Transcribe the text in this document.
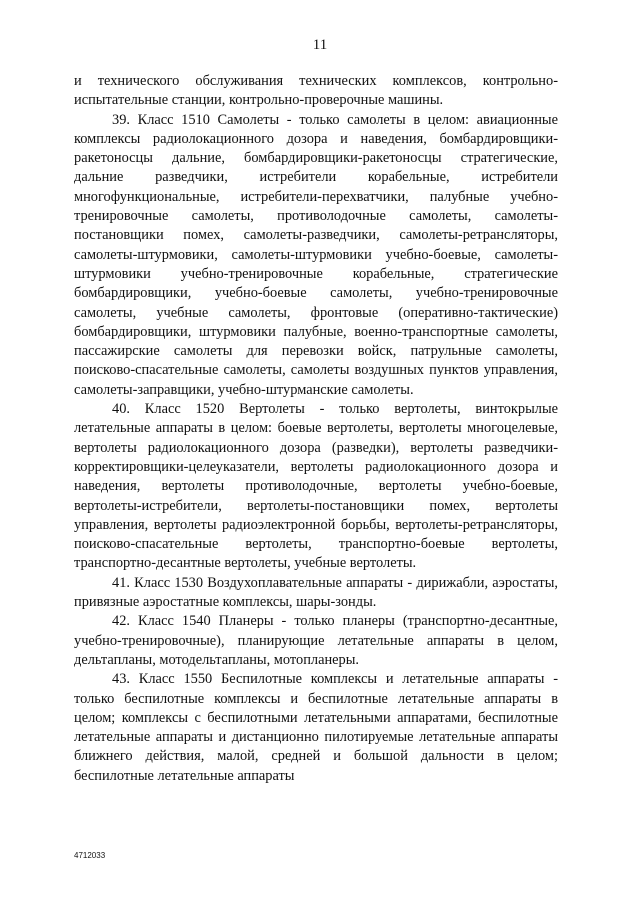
11

и технического обслуживания технических комплексов, контрольно-испытательные станции, контрольно-проверочные машины.

39. Класс 1510 Самолеты - только самолеты в целом: авиационные комплексы радиолокационного дозора и наведения, бомбардировщики-ракетоносцы дальние, бомбардировщики-ракетоносцы стратегические, дальние разведчики, истребители корабельные, истребители многофункциональные, истребители-перехватчики, палубные учебно-тренировочные самолеты, противолодочные самолеты, самолеты-постановщики помех, самолеты-разведчики, самолеты-ретрансляторы, самолеты-штурмовики, самолеты-штурмовики учебно-боевые, самолеты-штурмовики учебно-тренировочные корабельные, стратегические бомбардировщики, учебно-боевые самолеты, учебно-тренировочные самолеты, учебные самолеты, фронтовые (оперативно-тактические) бомбардировщики, штурмовики палубные, военно-транспортные самолеты, пассажирские самолеты для перевозки войск, патрульные самолеты, поисково-спасательные самолеты, самолеты воздушных пунктов управления, самолеты-заправщики, учебно-штурманские самолеты.

40. Класс 1520 Вертолеты - только вертолеты, винтокрылые летательные аппараты в целом: боевые вертолеты, вертолеты многоцелевые, вертолеты радиолокационного дозора (разведки), вертолеты разведчики-корректировщики-целеуказатели, вертолеты радиолокационного дозора и наведения, вертолеты противолодочные, вертолеты учебно-боевые, вертолеты-истребители, вертолеты-постановщики помех, вертолеты управления, вертолеты радиоэлектронной борьбы, вертолеты-ретрансляторы, поисково-спасательные вертолеты, транспортно-боевые вертолеты, транспортно-десантные вертолеты, учебные вертолеты.

41. Класс 1530 Воздухоплавательные аппараты - дирижабли, аэростаты, привязные аэростатные комплексы, шары-зонды.

42. Класс 1540 Планеры - только планеры (транспортно-десантные, учебно-тренировочные), планирующие летательные аппараты в целом, дельтапланы, мотодельтапланы, мотопланеры.

43. Класс 1550 Беспилотные комплексы и летательные аппараты - только беспилотные комплексы и беспилотные летательные аппараты в целом; комплексы с беспилотными летательными аппаратами, беспилотные летательные аппараты и дистанционно пилотируемые летательные аппараты ближнего действия, малой, средней и большой дальности в целом; беспилотные летательные аппараты

4712033
